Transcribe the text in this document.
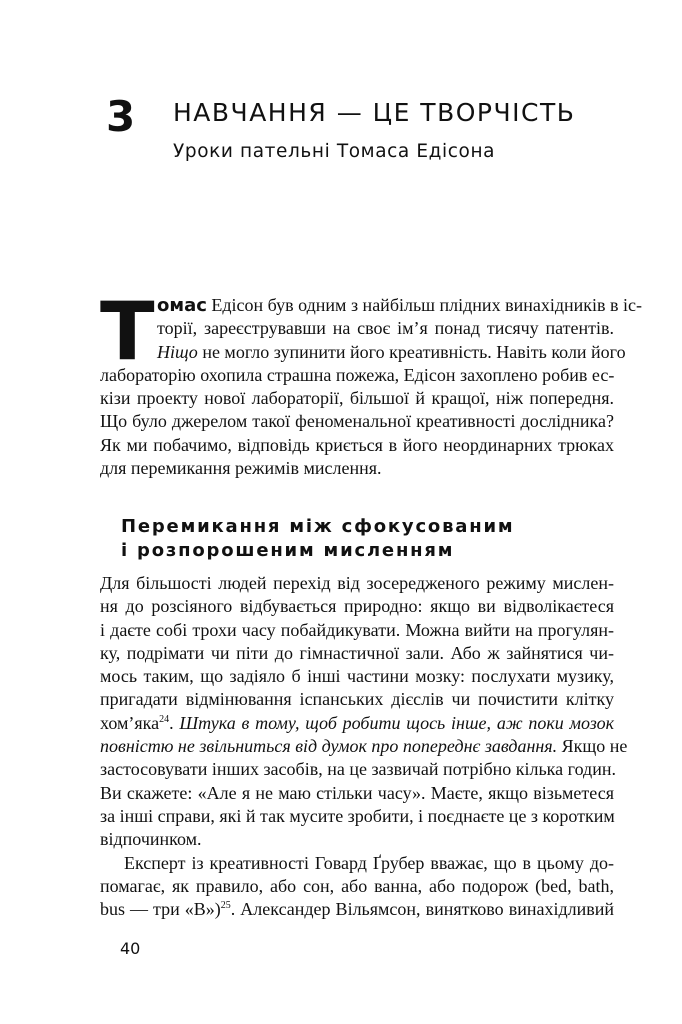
3 НАВЧАННЯ — ЦЕ ТВОРЧІСТЬ
Уроки пательні Томаса Едісона
Т омас Едісон був одним з найбільш плідних винахідників в іс-
торії, зареєструвавши на своє ім’я понад тисячу патентів.
Ніщо не могло зупинити його креативність. Навіть коли його
лабораторію охопила страшна пожежа, Едісон захоплено робив ес-
кізи проекту нової лабораторії, більшої й кращої, ніж попередня.
Що було джерелом такої феноменальної креативності дослідника?
Як ми побачимо, відповідь криється в його неординарних трюках
для перемикання режимів мислення.
Перемикання між сфокусованим
і розпорошеним мисленням
Для більшості людей перехід від зосередженого режиму мислен-
ня до розсіяного відбувається природно: якщо ви відволікаєтеся
і даєте собі трохи часу побайдикувати. Можна вийти на прогулян-
ку, подрімати чи піти до гімнастичної зали. Або ж зайнятися чи-
мось таким, що задіяло б інші частини мозку: послухати музику,
пригадати відмінювання іспанських дієслів чи почистити клітку
хом’яка$^{24}$. Штука в тому, щоб робити щось інше, аж поки мозок
повністю не звільниться від думок про попереднє завдання. Якщо не
застосовувати інших засобів, на це зазвичай потрібно кілька годин.
Ви скажете: «Але я не маю стільки часу». Маєте, якщо візьметеся
за інші справи, які й так мусите зробити, і поєднаєте це з коротким
відпочинком.
Експерт із креативності Говард Ґрубер вважає, що в цьому до-
помагає, як правило, або сон, або ванна, або подорож (bed, bath,
bus — три «B»)$^{25}$. Александер Вільямсон, винятково винахідливий
40
